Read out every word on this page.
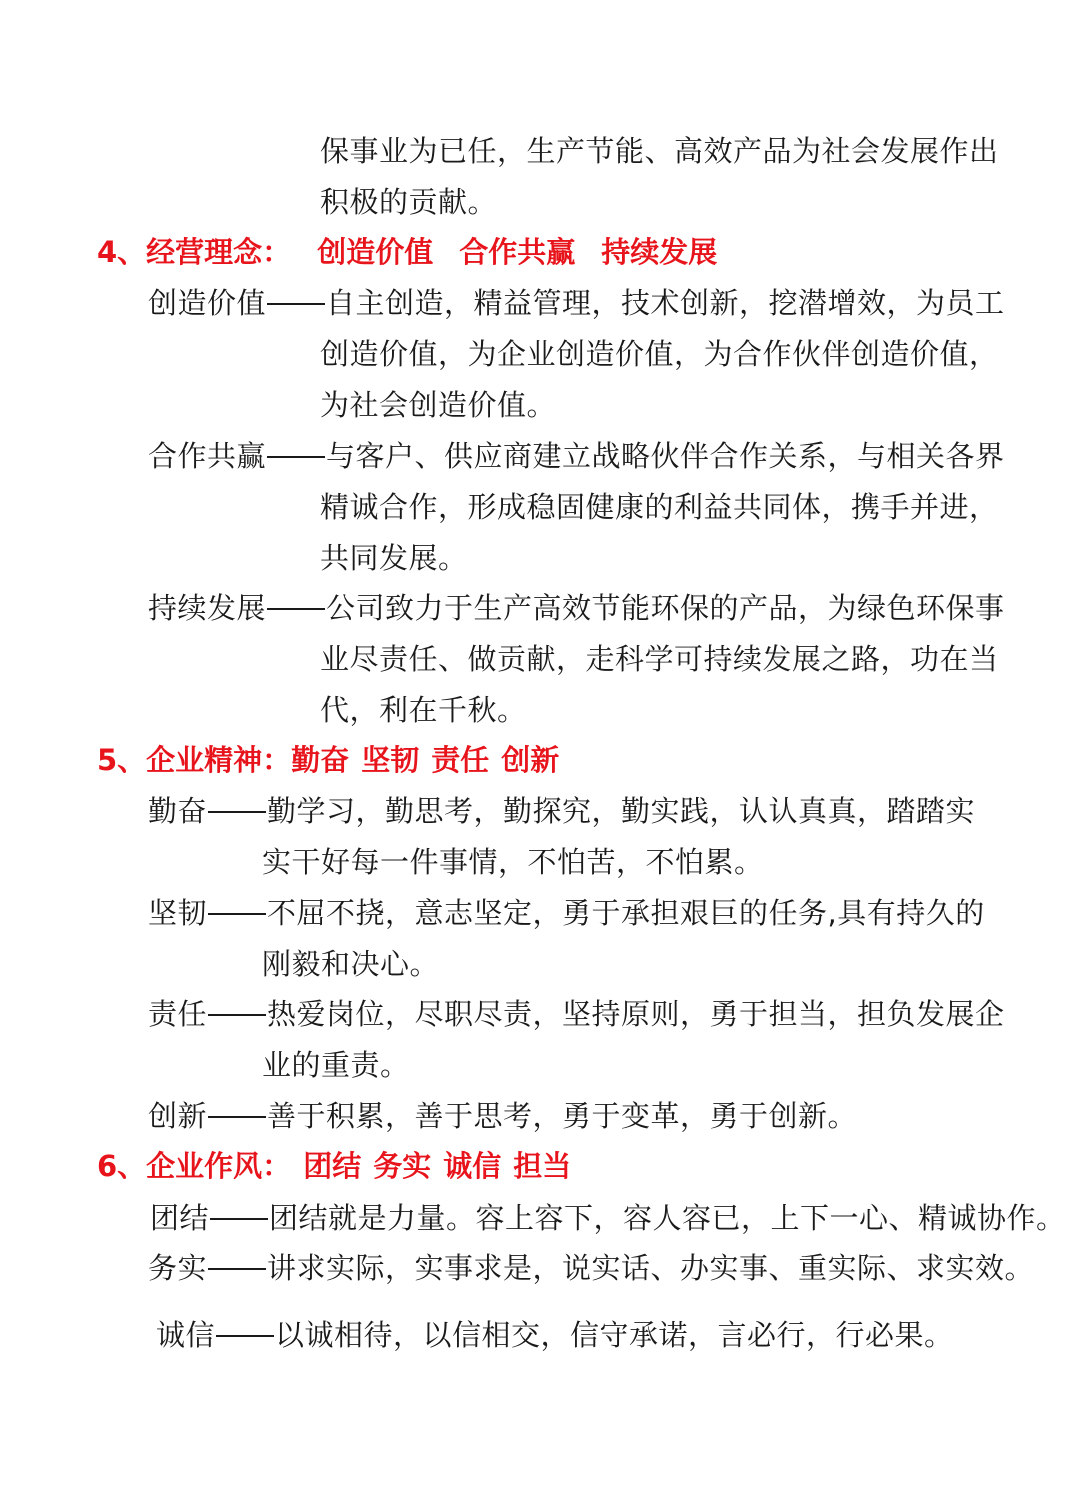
保事业为已任，生产节能、高效产品为社会发展作出
积极的贡献。
4、经营理念： 创造价值 合作共赢 持续发展
创造价值 自主创造，精益管理，技术创新，挖潜增效，为员工
创造价值，为企业创造价值，为合作伙伴创造价值，
为社会创造价值。
合作共赢 与客户、供应商建立战略伙伴合作关系，与相关各界
精诚合作，形成稳固健康的利益共同体，携手并进，
共同发展。
持续发展 公司致力于生产高效节能环保的产品，为绿色环保事
业尽责任、做贡献，走科学可持续发展之路，功在当
代，利在千秋。
5、企业精神：勤奋 坚韧 责任 创新
勤奋 勤学习，勤思考，勤探究，勤实践，认认真真，踏踏实
实干好每一件事情，不怕苦，不怕累。
坚韧 不屈不挠，意志坚定，勇于承担艰巨的任务,具有持久的
刚毅和决心。
责任 热爱岗位，尽职尽责，坚持原则，勇于担当，担负发展企
业的重责。
创新 善于积累，善于思考，勇于变革，勇于创新。
6、企业作风： 团结 务实 诚信 担当
团结 团结就是力量。容上容下，容人容已，上下一心、精诚协作。
务实 讲求实际，实事求是，说实话、办实事、重实际、求实效。
诚信 以诚相待，以信相交，信守承诺，言必行，行必果。
